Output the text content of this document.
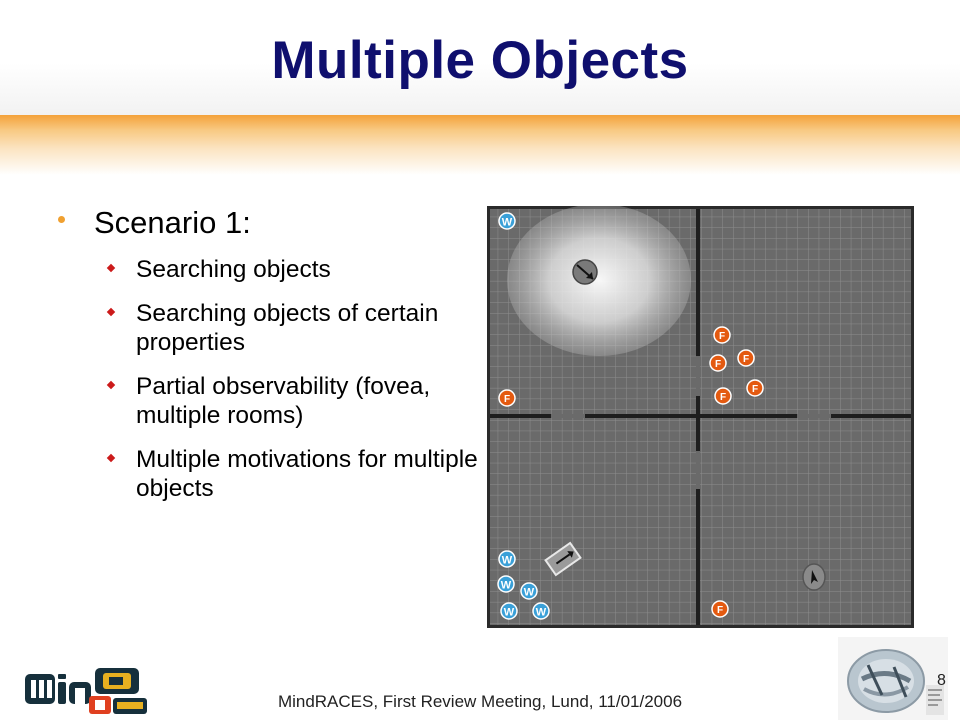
Multiple Objects
Scenario 1:
Searching objects
Searching objects of certain properties
Partial observability (fovea, multiple rooms)
Multiple motivations for multiple objects
W
W
W
W
W W
F
F
F
F
F
F
F
MindRACES, First Review Meeting, Lund, 11/01/2006
8
